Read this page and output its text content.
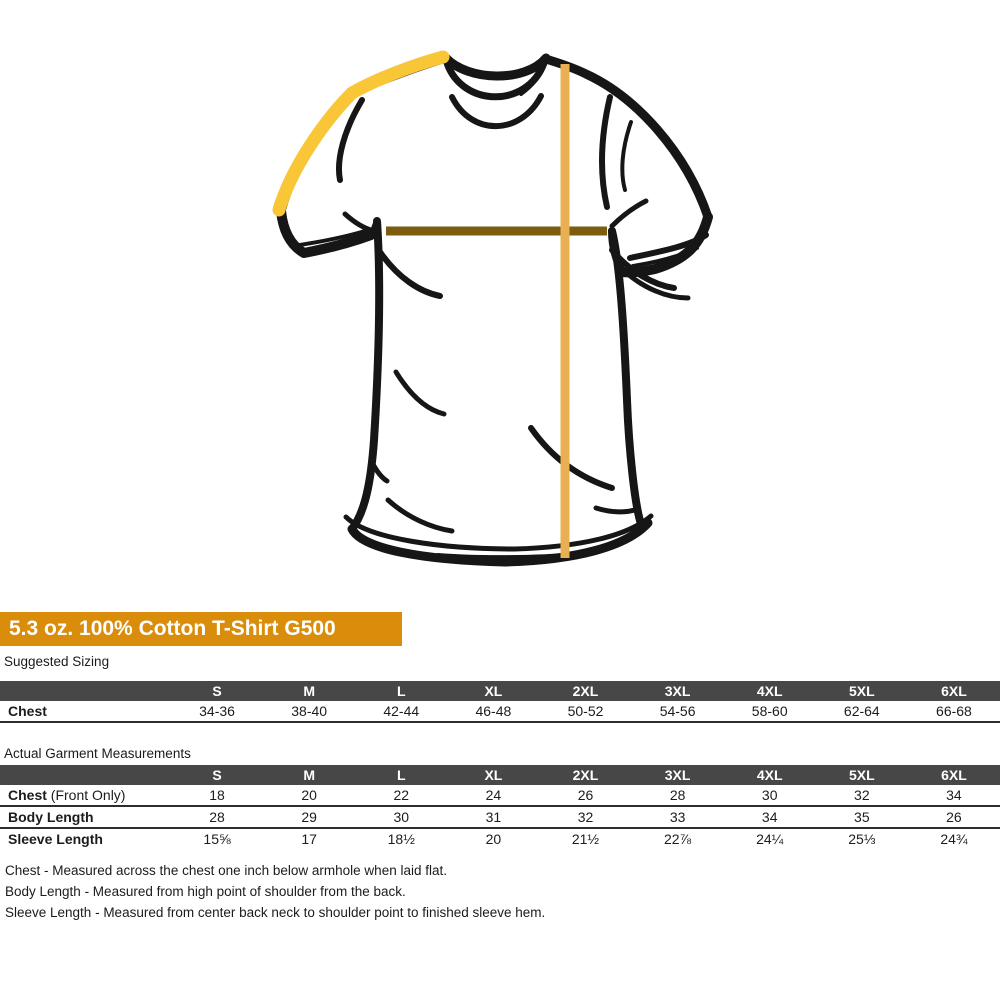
5.3 oz. 100% Cotton T-Shirt G500
Suggested Sizing
	S	M	L	XL	2XL	3XL	4XL	5XL	6XL
Chest	34-36	38-40	42-44	46-48	50-52	54-56	58-60	62-64	66-68
Actual Garment Measurements
	S	M	L	XL	2XL	3XL	4XL	5XL	6XL
Chest (Front Only)	18	20	22	24	26	28	30	32	34
Body Length	28	29	30	31	32	33	34	35	26
Sleeve Length	15⅝	17	18½	20	21½	22⅞	24¼	25⅓	24¾
Chest - Measured across the chest one inch below armhole when laid flat.
Body Length - Measured from high point of shoulder from the back.
Sleeve Length - Measured from center back neck to shoulder point to finished sleeve hem.
